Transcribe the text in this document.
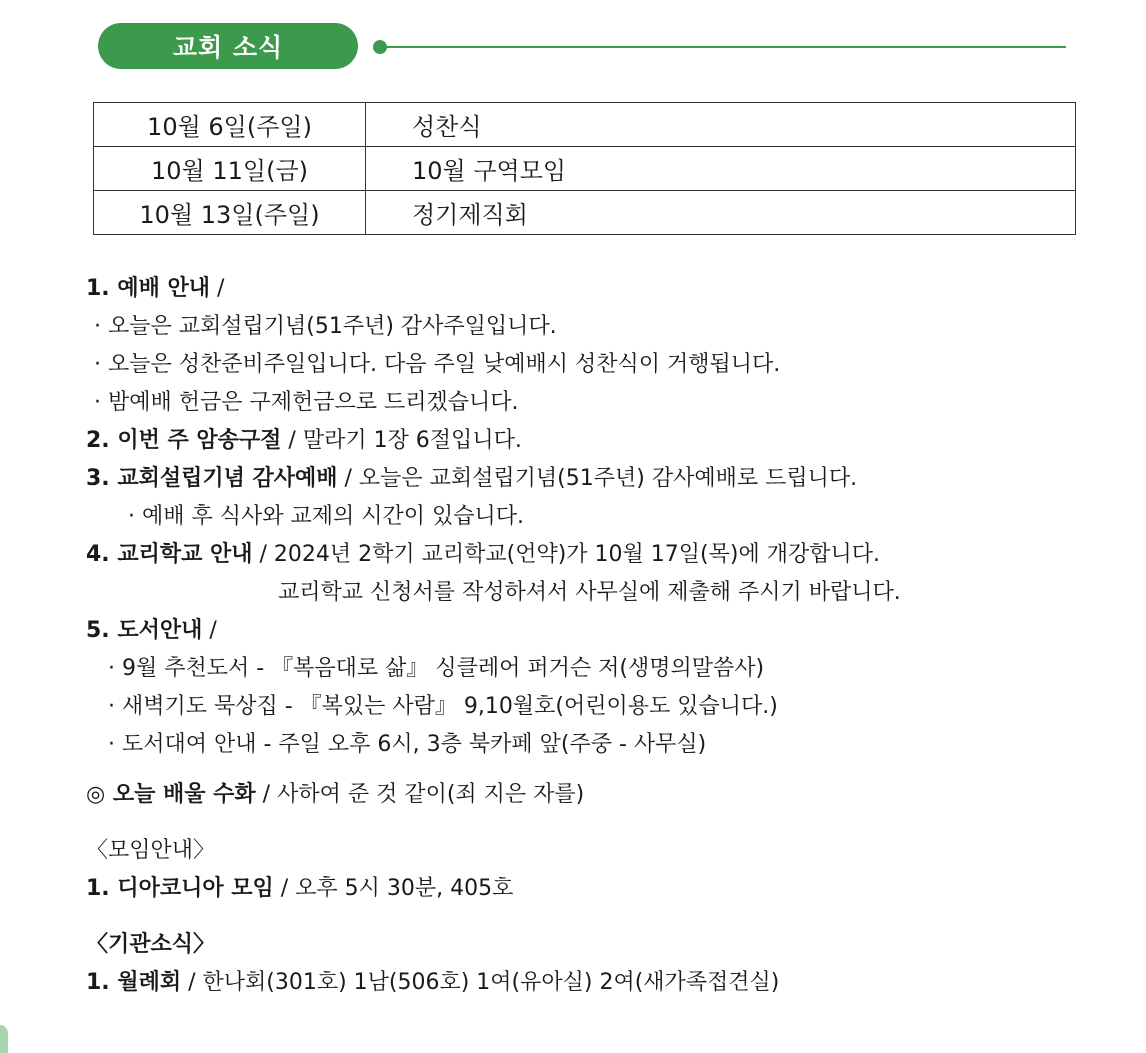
교회 소식
10월 6일(주일)	성찬식
10월 11일(금)	10월 구역모임
10월 13일(주일)	정기제직회
1. 예배 안내 /
· 오늘은 교회설립기념(51주년) 감사주일입니다.
· 오늘은 성찬준비주일입니다. 다음 주일 낮예배시 성찬식이 거행됩니다.
· 밤예배 헌금은 구제헌금으로 드리겠습니다.
2. 이번 주 암송구절 / 말라기 1장 6절입니다.
3. 교회설립기념 감사예배 / 오늘은 교회설립기념(51주년) 감사예배로 드립니다.
· 예배 후 식사와 교제의 시간이 있습니다.
4. 교리학교 안내 / 2024년 2학기 교리학교(언약)가 10월 17일(목)에 개강합니다.
교리학교 신청서를 작성하셔서 사무실에 제출해 주시기 바랍니다.
5. 도서안내 /
· 9월 추천도서 - 『복음대로 삶』 싱클레어 퍼거슨 저(생명의말씀사)
· 새벽기도 묵상집 - 『복있는 사람』 9,10월호(어린이용도 있습니다.)
· 도서대여 안내 - 주일 오후 6시, 3층 북카페 앞(주중 - 사무실)
◎ 오늘 배울 수화 / 사하여 준 것 같이(죄 지은 자를)
〈모임안내〉
1. 디아코니아 모임 / 오후 5시 30분, 405호
〈기관소식〉
1. 월례회 / 한나회(301호) 1남(506호) 1여(유아실) 2여(새가족접견실)
